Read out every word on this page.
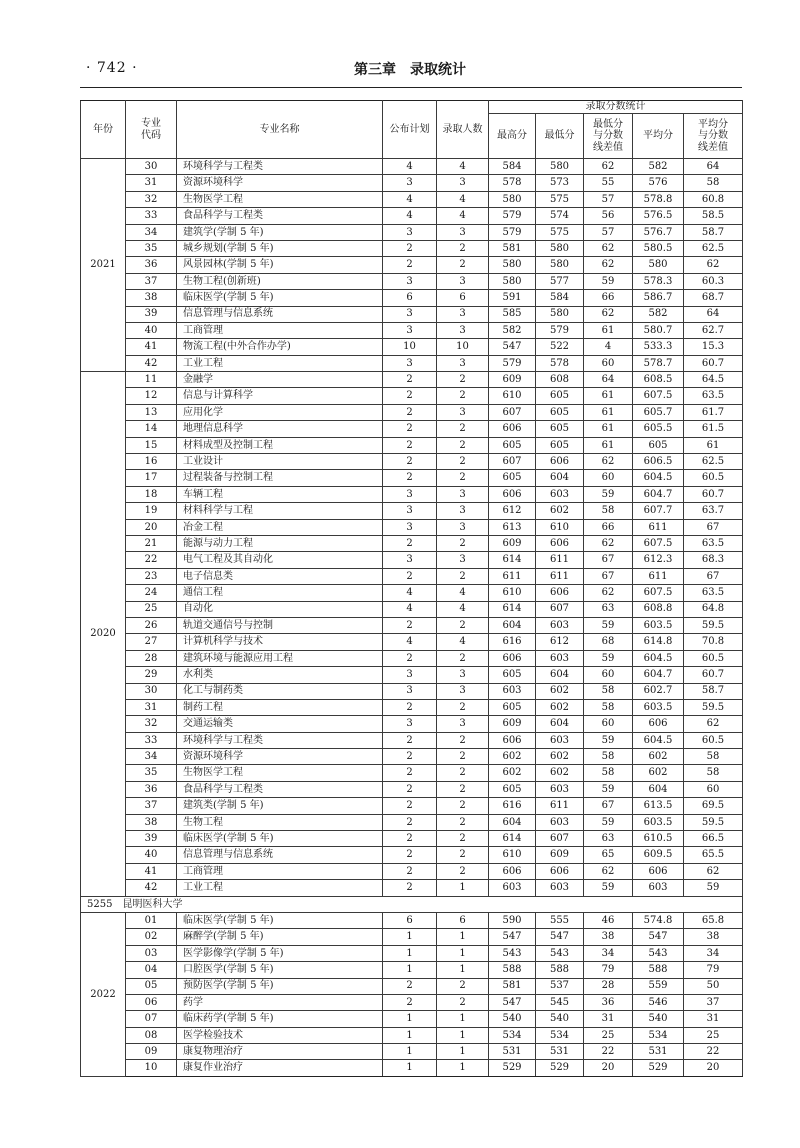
· 742 ·	第三章　录取统计
年份	专业代码	专业名称	公布计划	录取人数	录取分数统计				
					最高分	最低分	最低分与分数线差值	平均分	平均分与分数线差值
2021	30	环境科学与工程类	4	4	584	580	62	582	64
	31	资源环境科学	3	3	578	573	55	576	58
	32	生物医学工程	4	4	580	575	57	578.8	60.8
	33	食品科学与工程类	4	4	579	574	56	576.5	58.5
	34	建筑学(学制 5 年)	3	3	579	575	57	576.7	58.7
	35	城乡规划(学制 5 年)	2	2	581	580	62	580.5	62.5
	36	风景园林(学制 5 年)	2	2	580	580	62	580	62
	37	生物工程(创新班)	3	3	580	577	59	578.3	60.3
	38	临床医学(学制 5 年)	6	6	591	584	66	586.7	68.7
	39	信息管理与信息系统	3	3	585	580	62	582	64
	40	工商管理	3	3	582	579	61	580.7	62.7
	41	物流工程(中外合作办学)	10	10	547	522	4	533.3	15.3
	42	工业工程	3	3	579	578	60	578.7	60.7
2020	11	金融学	2	2	609	608	64	608.5	64.5
	12	信息与计算科学	2	2	610	605	61	607.5	63.5
	13	应用化学	2	3	607	605	61	605.7	61.7
	14	地理信息科学	2	2	606	605	61	605.5	61.5
	15	材料成型及控制工程	2	2	605	605	61	605	61
	16	工业设计	2	2	607	606	62	606.5	62.5
	17	过程装备与控制工程	2	2	605	604	60	604.5	60.5
	18	车辆工程	3	3	606	603	59	604.7	60.7
	19	材料科学与工程	3	3	612	602	58	607.7	63.7
	20	冶金工程	3	3	613	610	66	611	67
	21	能源与动力工程	2	2	609	606	62	607.5	63.5
	22	电气工程及其自动化	3	3	614	611	67	612.3	68.3
	23	电子信息类	2	2	611	611	67	611	67
	24	通信工程	4	4	610	606	62	607.5	63.5
	25	自动化	4	4	614	607	63	608.8	64.8
	26	轨道交通信号与控制	2	2	604	603	59	603.5	59.5
	27	计算机科学与技术	4	4	616	612	68	614.8	70.8
	28	建筑环境与能源应用工程	2	2	606	603	59	604.5	60.5
	29	水利类	3	3	605	604	60	604.7	60.7
	30	化工与制药类	3	3	603	602	58	602.7	58.7
	31	制药工程	2	2	605	602	58	603.5	59.5
	32	交通运输类	3	3	609	604	60	606	62
	33	环境科学与工程类	2	2	606	603	59	604.5	60.5
	34	资源环境科学	2	2	602	602	58	602	58
	35	生物医学工程	2	2	602	602	58	602	58
	36	食品科学与工程类	2	2	605	603	59	604	60
	37	建筑类(学制 5 年)	2	2	616	611	67	613.5	69.5
	38	生物工程	2	2	604	603	59	603.5	59.5
	39	临床医学(学制 5 年)	2	2	614	607	63	610.5	66.5
	40	信息管理与信息系统	2	2	610	609	65	609.5	65.5
	41	工商管理	2	2	606	606	62	606	62
	42	工业工程	2	1	603	603	59	603	59
5255　昆明医科大学									
2022	01	临床医学(学制 5 年)	6	6	590	555	46	574.8	65.8
	02	麻醉学(学制 5 年)	1	1	547	547	38	547	38
	03	医学影像学(学制 5 年)	1	1	543	543	34	543	34
	04	口腔医学(学制 5 年)	1	1	588	588	79	588	79
	05	预防医学(学制 5 年)	2	2	581	537	28	559	50
	06	药学	2	2	547	545	36	546	37
	07	临床药学(学制 5 年)	1	1	540	540	31	540	31
	08	医学检验技术	1	1	534	534	25	534	25
	09	康复物理治疗	1	1	531	531	22	531	22
	10	康复作业治疗	1	1	529	529	20	529	20
